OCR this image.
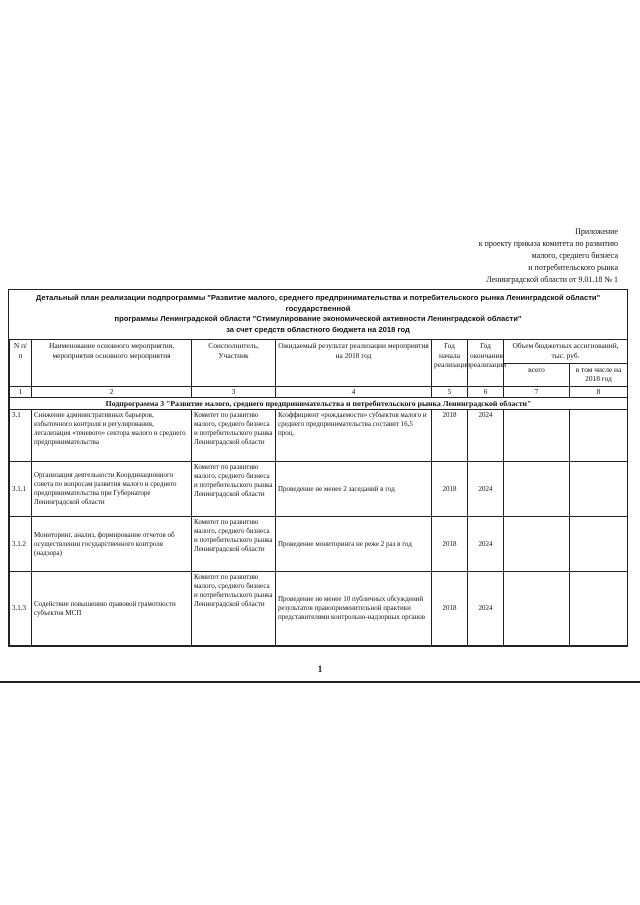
Приложение
к проекту приказа комитета по развитию
малого, среднего бизнеса
и потребительского рынка
Ленинградской области от 9.01.18 № 1
Детальный план реализации подпрограммы "Развитие малого, среднего предпринимательства и потребительского рынка Ленинградской области" государственной
программы Ленинградской области "Стимулирование экономической активности Ленинградской области"
за счет средств областного бюджета на 2018 год
N п/п	Наименование основного мероприятия, мероприятия основного мероприятия	Соисполнитель, Участник	Ожидаемый результат реализации мероприятия на 2018 год	Год начала реализации	Год окончания реализации	Объем бюджетных ассигнований, тыс. руб.	
						всего	в том числе на 2018 год
1	2	3	4	5	6	7	8
Подпрограмма 3 "Развитие малого, среднего предпринимательства и потребительского рынка Ленинградской области"							
3.1	Снижение административных барьеров, избыточного контроля и регулирования, легализация «теневого» сектора малого и среднего предпринимательства	Комитет по развитию малого, среднего бизнеса и потребительского рынка Ленинградской области	Коэффициент «рождаемости» субъектов малого и среднего предпринимательства составит 16,5 проц.	2018	2024		
3.1.1	Организация деятельности Координационного совета по вопросам развития малого и среднего предпринимательства при Губернаторе Ленинградской области	Комитет по развитию малого, среднего бизнеса и потребительского рынка Ленинградской области	Проведение не менее 2 заседаний в год	2018	2024		
3.1.2	Мониторинг, анализ, формирование отчетов об осуществлении государственного контроля (надзора)	Комитет по развитию малого, среднего бизнеса и потребительского рынка Ленинградской области	Проведение мониторинга не реже 2 раз в год	2018	2024		
3.1.3	Содействие повышению правовой грамотности субъектов МСП	Комитет по развитию малого, среднего бизнеса и потребительского рынка Ленинградской области	Проведение не менее 10 публичных обсуждений результатов правоприменительной практики представителями контрольно-надзорных органов	2018	2024		
1
